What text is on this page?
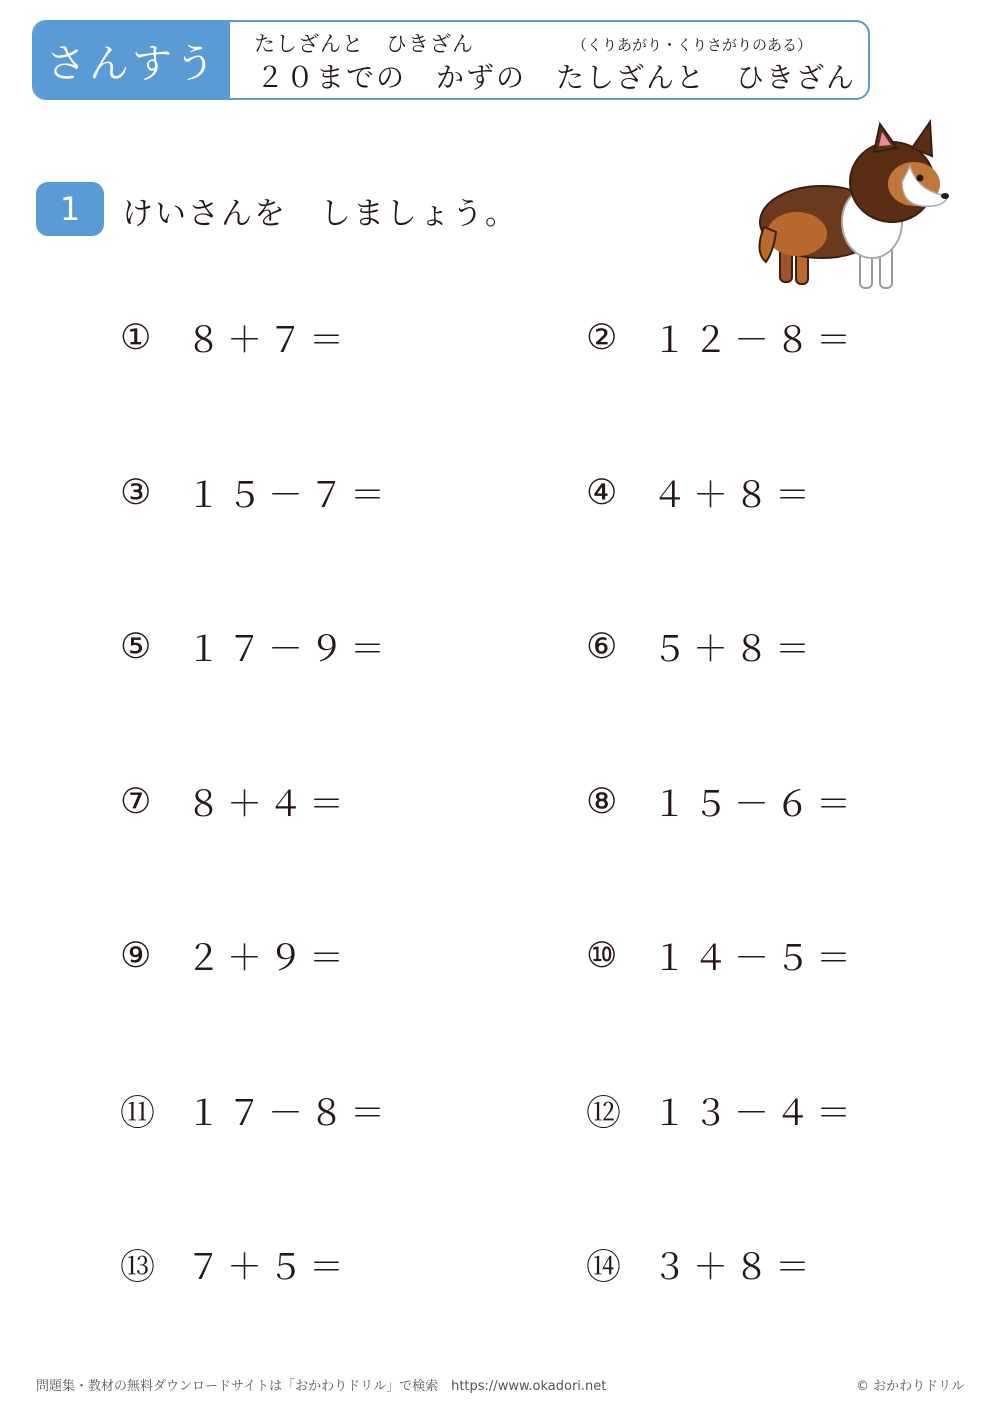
さんすう	たしざんと　ひきざん	（くりあがり・くりさがりのある）
２０までの　かずの　たしざんと　ひきざん
1	けいさんを　しましょう。
① ８＋７＝	② １２－８＝
③ １５－７＝	④ ４＋８＝
⑤ １７－９＝	⑥ ５＋８＝
⑦ ８＋４＝	⑧ １５－６＝
⑨ ２＋９＝	⑩ １４－５＝
⑪ １７－８＝	⑫ １３－４＝
⑬ ７＋５＝	⑭ ３＋８＝
問題集・教材の無料ダウンロードサイトは「おかわりドリル」で検索　https://www.okadori.net	© おかわりドリル
